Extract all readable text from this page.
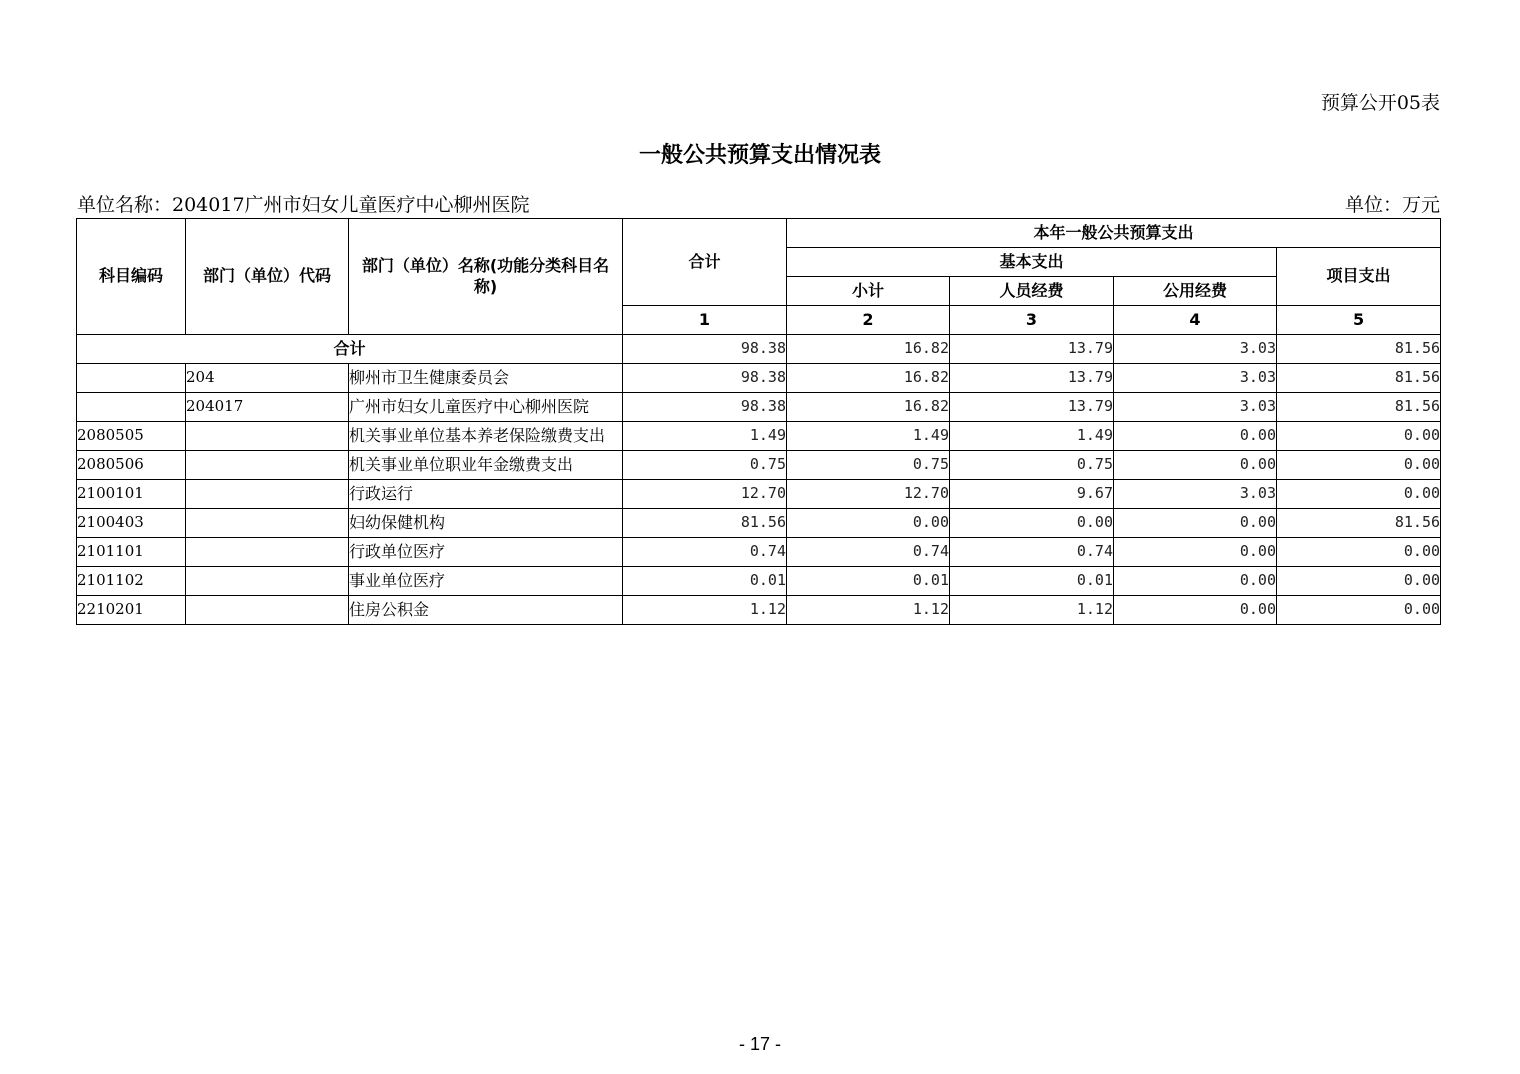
预算公开05表
一般公共预算支出情况表
单位名称：204017广州市妇女儿童医疗中心柳州医院	单位：万元
科目编码	部门（单位）代码	部门（单位）名称(功能分类科目名称)	合计	本年一般公共预算支出			
				基本支出			项目支出
				小计	人员经费	公用经费	
			1	2	3	4	5
合计			98.38	16.82	13.79	3.03	81.56
	204	柳州市卫生健康委员会	98.38	16.82	13.79	3.03	81.56
	204017	广州市妇女儿童医疗中心柳州医院	98.38	16.82	13.79	3.03	81.56
2080505		机关事业单位基本养老保险缴费支出	1.49	1.49	1.49	0.00	0.00
2080506		机关事业单位职业年金缴费支出	0.75	0.75	0.75	0.00	0.00
2100101		行政运行	12.70	12.70	9.67	3.03	0.00
2100403		妇幼保健机构	81.56	0.00	0.00	0.00	81.56
2101101		行政单位医疗	0.74	0.74	0.74	0.00	0.00
2101102		事业单位医疗	0.01	0.01	0.01	0.00	0.00
2210201		住房公积金	1.12	1.12	1.12	0.00	0.00
- 17 -
